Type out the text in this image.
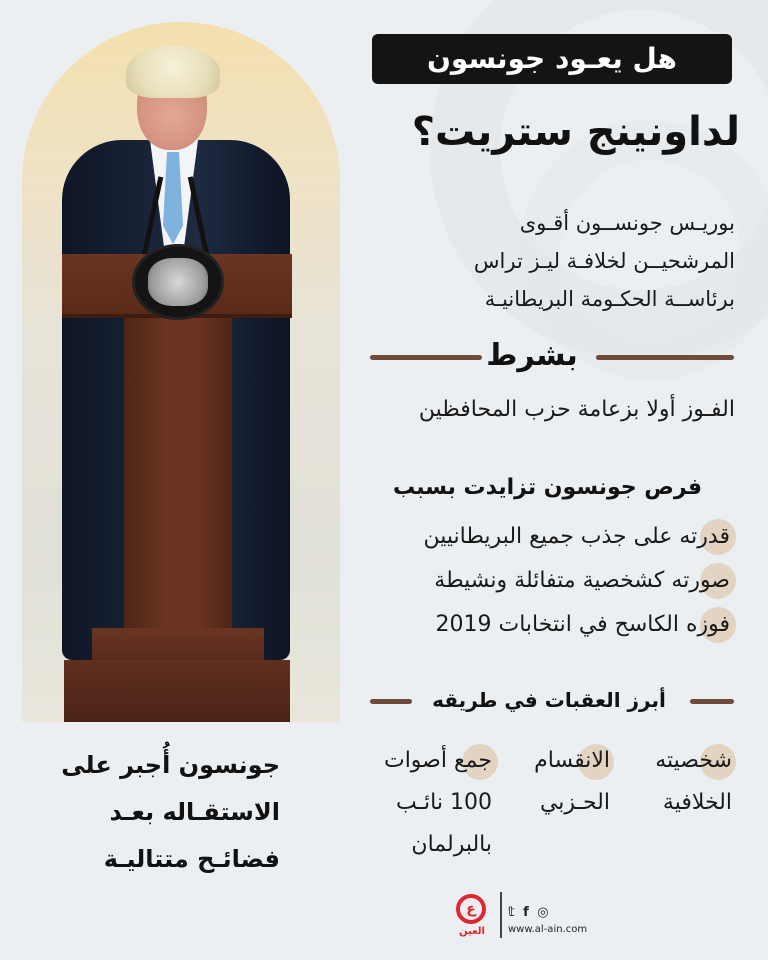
جونسون أُجبر على
الاستقـاله بعـد
فضائـح متتاليـة
هل يعـود جونسون
لداونينج ستريت؟
بوريـس جونســون أقـوى
المرشحيــن لخلافـة ليـز تراس
برئاســة الحكـومة البريطانيـة
بشرط
الفـوز أولا بزعامة حزب المحافظين
فرص جونسون تزايدت بسبب
قدرته على جذب جميع البريطانيين
صورته كشخصية متفائلة ونشيطة
فوزه الكاسح في انتخابات 2019
أبرز العقبات في طريقه
شخصيته
الخلافية
الانقسام
الحـزبي
جمع أصوات
100 نائـب
بالبرلمان
ع
العين
𝕥 f ◎
www.al-ain.com
